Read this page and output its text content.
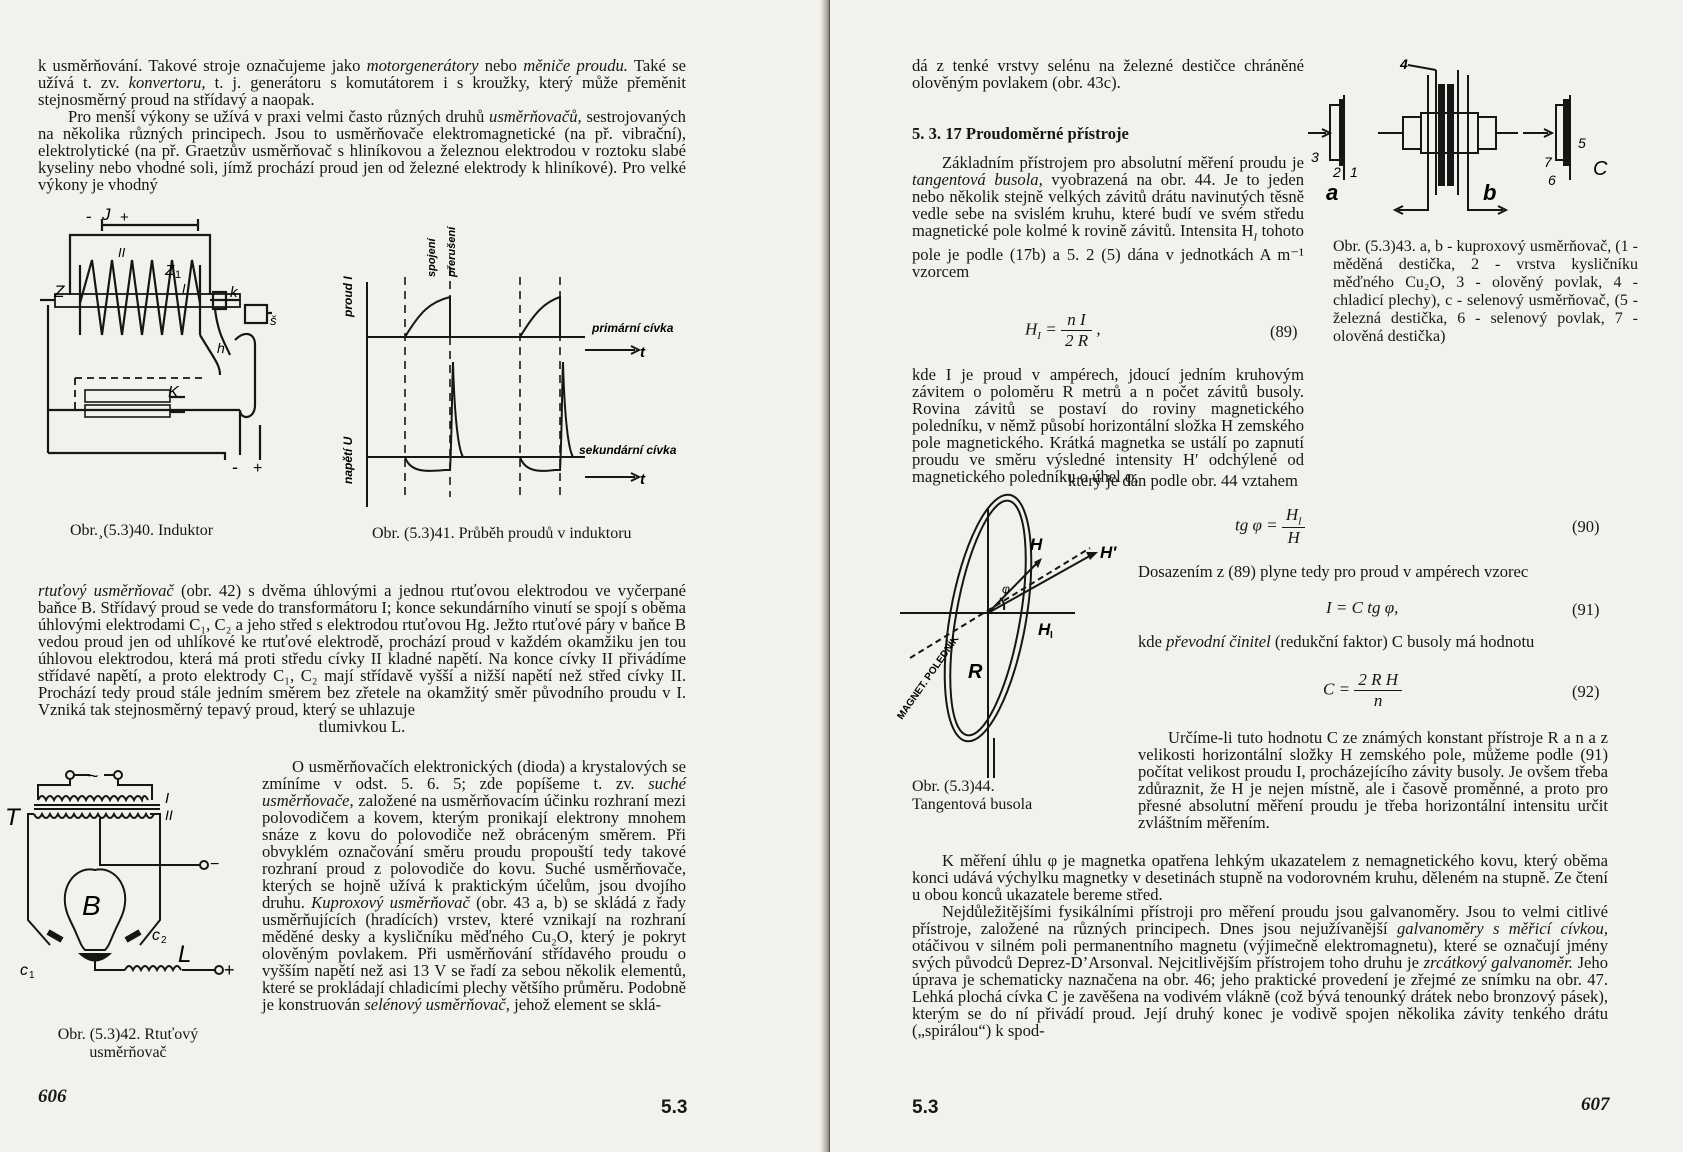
k usměrňování. Takové stroje označujeme jako motorgenerátory nebo měniče proudu. Také se užívá t. zv. konvertoru, t. j. generátoru s komutátorem i s kroužky, který může přeměnit stejnosměrný proud na střídavý a naopak.

Pro menší výkony se užívá v praxi velmi často různých druhů usměrňovačů, sestrojovaných na několika různých principech. Jsou to usměrňovače elektromagnetické (na př. vibrační), elektrolytické (na př. Graetzův usměrňovač s hliníkovou a železnou elektrodou v roztoku slabé kyseliny nebo vhodné soli, jímž prochází proud jen od železné elektrody k hliníkové). Pro velké výkony je vhodný

J +
-
Z
Z 1
II
I	k
h
K
š
- +
Obr.¸(5.3)40. Induktor
proud I
napětí U
spojení přerušení
primární cívka
t
sekundární cívka
t
Obr. (5.3)41. Průběh proudů v induktoru

rtuťový usměrňovač (obr. 42) s dvěma úhlovými a jednou rtuťovou elektrodou ve vyčerpané baňce B. Střídavý proud se vede do transformátoru I; konce sekundárního vinutí se spojí s oběma úhlovými elektrodami C₁, C₂ a jeho střed s elektrodou rtuťovou Hg. Ježto rtuťové páry v baňce B vedou proud jen od uhlíkové ke rtuťové elektrodě, prochází proud v každém okamžiku jen tou úhlovou elektrodou, která má proti středu cívky II kladné napětí. Na konce cívky II přivádíme střídavé napětí, a proto elektrody C₁, C₂ mají střídavě vyšší a nižší napětí než střed cívky II. Prochází tedy proud stále jedním směrem bez zřetele na okamžitý směr původního proudu v I. Vzniká tak stejnosměrný tepavý proud, který se uhlazuje

tlumivkou L.

~
T
I
II
−
B
c 1
c 2
L
+
Obr. (5.3)42. Rtuťový usměrňovač

O usměrňovačích elektronických (dioda) a krystalových se zmíníme v odst. 5. 6. 5; zde popíšeme t. zv. suché usměrňovače, založené na usměrňovacím účinku rozhraní mezi polovodičem a kovem, kterým pronikají elektrony mnohem snáze z kovu do polovodiče než obráceným směrem. Při obvyklém označování směru proudu propouští tedy takové rozhraní proud z polovodiče do kovu. Suché usměrňovače, kterých se hojně užívá k praktickým účelům, jsou dvojího druhu. Kuproxový usměrňovač (obr. 43 a, b) se skládá z řady usměrňujících (hradících) vrstev, které vznikají na rozhraní měděné desky a kysličníku měďného Cu₂O, který je pokryt olověným povlakem. Při usměrňování střídavého proudu o vyšším napětí než asi 13 V se řadí za sebou několik elementů, které se prokládají chladicími plechy většího průměru. Podobně je konstruován selénový usměrňovač, jehož element se sklá-

606
5.3

dá z tenké vrstvy selénu na železné destičce chráněné olověným povlakem (obr. 43c).

5. 3. 17 Proudoměrné přístroje

Základním přístrojem pro absolutní měření proudu je tangentová busola, vyobrazená na obr. 44. Je to jeden nebo několik stejně velkých závitů drátu navinutých těsně vedle sebe na svislém kruhu, které budí ve svém středu magnetické pole kolmé k rovině závitů. Intensita $H_I$ tohoto pole je podle (17b) a 5. 2 (5) dána v jednotkách A m⁻¹ vzorcem

4
3
2 1
a	b
7
6
5
C
Obr. (5.3)43. a, b - kuproxový usměrňovač, (1 - měděná destička, 2 - vrstva kysličníku měďného Cu₂O, 3 - olověný povlak, 4 - chladicí plechy), c - selenový usměrňovač, (5 - železná destička, 6 - selenový povlak, 7 - olověná destička)
$H_I = \frac{\text{n I}}{2 R}$ ,	(89)

kde I je proud v ampérech, jdoucí jedním kruhovým závitem o poloměru R metrů a n počet závitů busoly. Rovina závitů se postaví do roviny magnetického poledníku, v němž působí horizontální složka H zemského pole magnetického. Krátká magnetka se ustálí po zapnutí proudu ve směru výsledné intensity H′ odchýlené od magnetického poledníku o úhel φ,

který je dán podle obr. 44 vztahem
H	H'
H I
φ
R
MAGNET. POLEDNÍK
Obr. (5.3)44. Tangentová busola
tg $\varphi = \frac{H_I}{H}$	(90)
Dosazením z (89) plyne tedy pro proud v ampérech vzorec
I = C tg φ,	(91)

kde převodní činitel (redukční faktor) C busoly má hodnotu

$C = \frac{\text{2 R H}}{n}$	(92)

Určíme-li tuto hodnotu C ze známých konstant přístroje R a n a z velikosti horizontální složky H zemského pole, můžeme podle (91) počítat velikost proudu I, procházejícího závity busoly. Je ovšem třeba zdůraznit, že H je nejen místně, ale i časově proměnné, a proto pro přesné absolutní měření proudu je třeba horizontální intensitu určit zvláštním měřením.

K měření úhlu φ je magnetka opatřena lehkým ukazatelem z nemagnetického kovu, který oběma konci udává výchylku magnetky v desetinách stupně na vodorovném kruhu, děleném na stupně. Ze čtení u obou konců ukazatele bereme střed.

Nejdůležitějšími fysikálními přístroji pro měření proudu jsou galvanoměry. Jsou to velmi citlivé přístroje, založené na různých principech. Dnes jsou nejužívanější galvanoměry s měřicí cívkou, otáčivou v silném poli permanentního magnetu (výjimečně elektromagnetu), které se označují jmény svých původců Deprez-D’Arsonval. Nejcitlivějším přístrojem toho druhu je zrcátkový galvanoměr. Jeho úprava je schematicky naznačena na obr. 46; jeho praktické provedení je zřejmé ze snímku na obr. 47. Lehká plochá cívka C je zavěšena na vodivém vláknĕ (což bývá tenounký drátek nebo bronzový pásek), kterým se do ní přivádí proud. Její druhý konec je vodivě spojen několika závity tenkého drátu („spirálou“) k spod-

5.3	607
